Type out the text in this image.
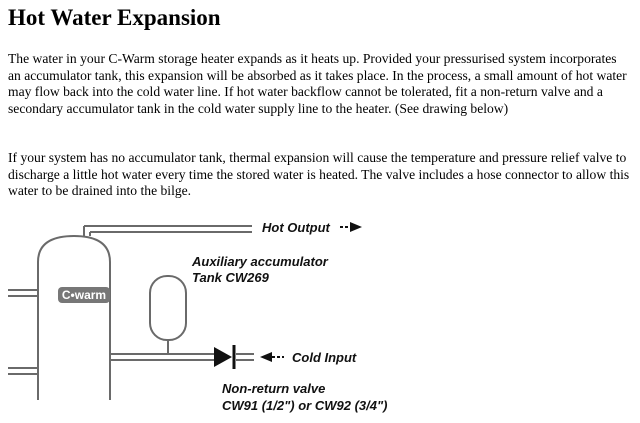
Hot Water Expansion

The water in your C-Warm storage heater expands as it heats up. Provided your pressurised system incorporates an accumulator tank, this expansion will be absorbed as it takes place. In the process, a small amount of hot water may flow back into the cold water line. If hot water backflow cannot be tolerated, fit a non-return valve and a secondary accumulator tank in the cold water supply line to the heater. (See drawing below)

If your system has no accumulator tank, thermal expansion will cause the temperature and pressure relief valve to discharge a little hot water every time the stored water is heated. The valve includes a hose connector to allow this water to be drained into the bilge.

C•warm
Hot Output
Cold Input
Auxiliary accumulator
Tank CW269
Non-return valve
CW91 (1/2") or CW92 (3/4")
